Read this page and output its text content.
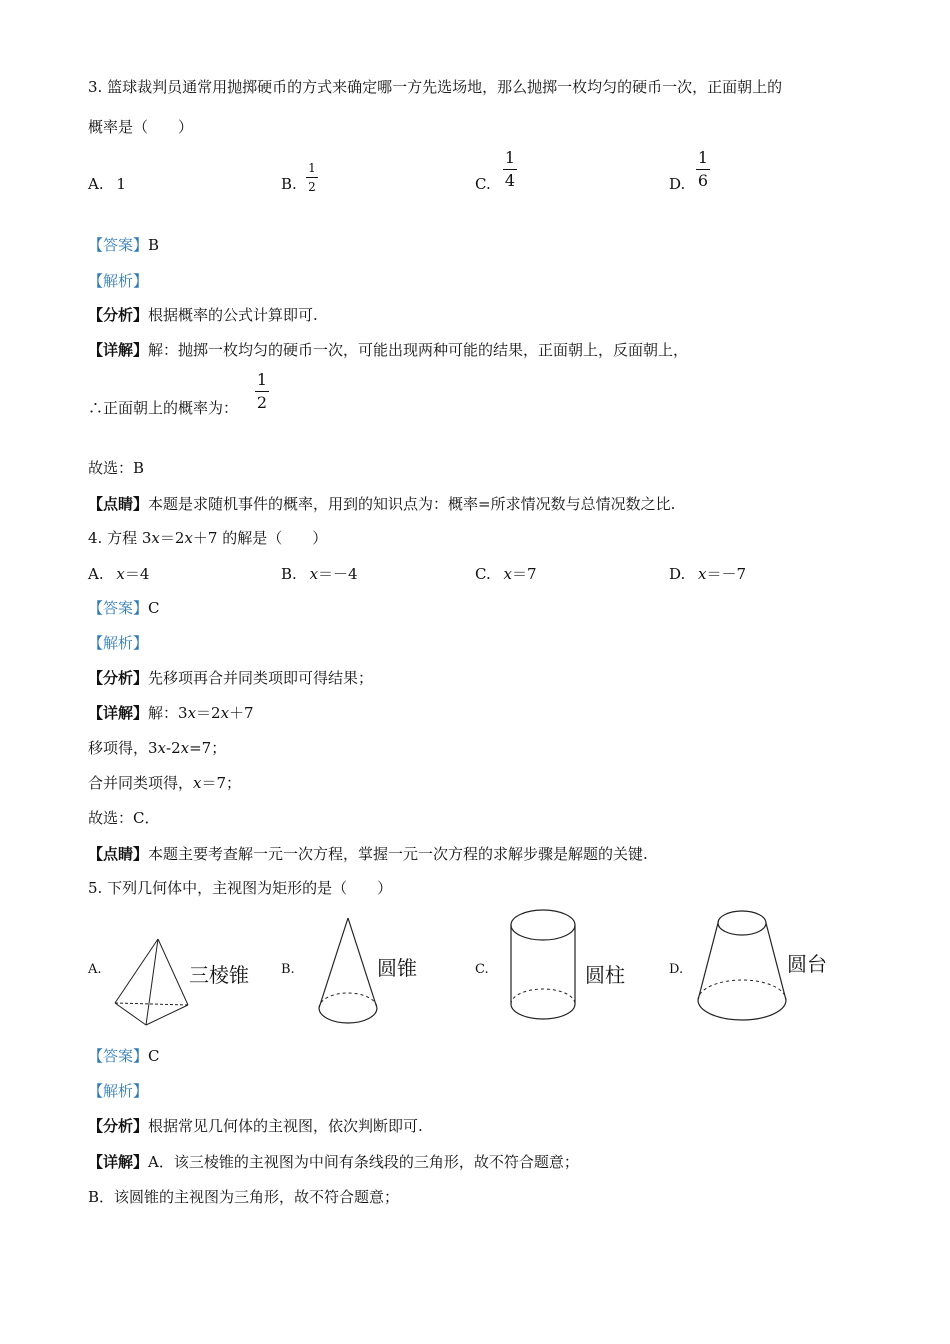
3. 篮球裁判员通常用抛掷硬币的方式来确定哪一方先选场地，那么抛掷一枚均匀的硬币一次，正面朝上的
概率是（　　）
A. 1	B.
1
2	C.
1
4	D.
1
6
【答案】B
【解析】
【分析】根据概率的公式计算即可.
【详解】解：抛掷一枚均匀的硬币一次，可能出现两种可能的结果，正面朝上，反面朝上，
∴正面朝上的概率为：
1
2
故选：B
【点睛】本题是求随机事件的概率，用到的知识点为：概率=所求情况数与总情况数之比.
4. 方程 3x＝2x＋7 的解是（　　）
A. x＝4	B. x＝－4	C. x＝7	D. x＝－7
【答案】C
【解析】
【分析】先移项再合并同类项即可得结果；
【详解】解：3x＝2x＋7
移项得，3x-2x=7；
合并同类项得，x＝7；
故选：C．
【点睛】本题主要考查解一元一次方程，掌握一元一次方程的求解步骤是解题的关键.
5. 下列几何体中，主视图为矩形的是（　　）
A.	三棱锥 B.	圆锥	C.	圆柱	D.	圆台
【答案】C
【解析】
【分析】根据常见几何体的主视图，依次判断即可.
【详解】A．该三棱锥的主视图为中间有条线段的三角形，故不符合题意；
B．该圆锥的主视图为三角形，故不符合题意；
